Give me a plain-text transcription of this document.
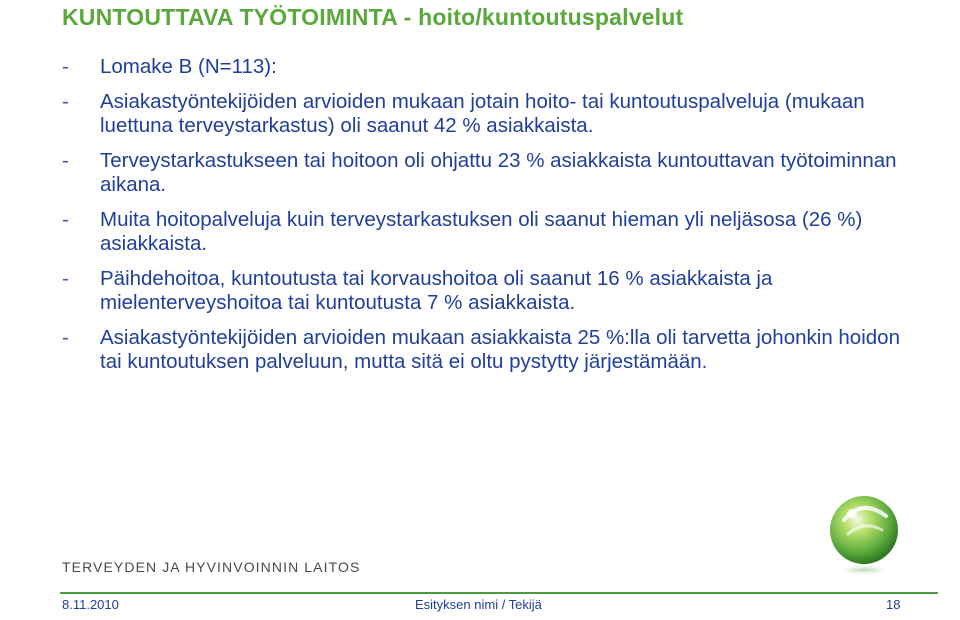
KUNTOUTTAVA TYÖTOIMINTA - hoito/kuntoutuspalvelut
- Lomake B (N=113):
- Asiakastyöntekijöiden arvioiden mukaan jotain hoito- tai kuntoutuspalveluja (mukaan luettuna terveystarkastus) oli saanut 42 % asiakkaista.
- Terveystarkastukseen tai hoitoon oli ohjattu 23 % asiakkaista kuntouttavan työtoiminnan aikana.
- Muita hoitopalveluja kuin terveystarkastuksen oli saanut hieman yli neljäsosa (26 %) asiakkaista.
- Päihdehoitoa, kuntoutusta tai korvaushoitoa oli saanut 16 % asiakkaista ja mielenterveyshoitoa tai kuntoutusta 7 % asiakkaista.
- Asiakastyöntekijöiden arvioiden mukaan asiakkaista 25 %:lla oli tarvetta johonkin hoidon tai kuntoutuksen palveluun, mutta sitä ei oltu pystytty järjestämään.
TERVEYDEN JA HYVINVOINNIN LAITOS
8.11.2010	Esityksen nimi / Tekijä	18
